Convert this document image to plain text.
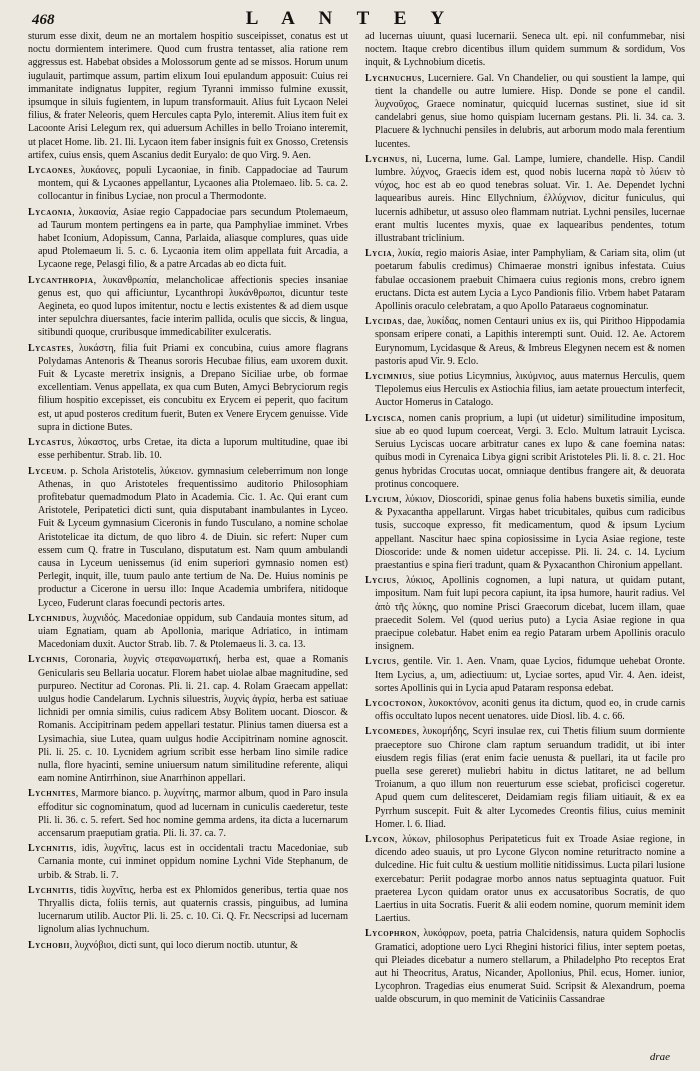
468	L A N T E Y

sturum esse dixit, deum ne an mortalem hospitio susceipisset, conatus est ut noctu dormientem interimere. Quod cum frustra tentasset, alia ratione rem aggressus est. Habebat obsides a Molossorum gente ad se missos. Horum unum iugulauit, partimque assum, partim elixum Ioui epulandum apposuit: Cuius rei immanitate indignatus Iuppiter, regium Tyranni immisso fulmine exussit, ipsumque in siluis fugientem, in lupum transformauit. Alius fuit Lycaon Nelei filius, & frater Neleoris, quem Hercules capta Pylo, interemit. Alius item fuit ex Lacoonte Arisi Lelegum rex, qui aduersum Achilles in bello Troiano interemit, ut placet Home. lib. 21. Ili. Lycaon item faber insignis fuit ex Gnosso, Cretensis artifex, cuius ensis, quem Ascanius dedit Euryalo: de quo Virg. 9. Aen.

Lycaones, λυκάονες, populi Lycaoniae, in finib. Cappadociae ad Taurum montem, qui & Lycaones appellantur, Lycaones alia Ptolemaeo. lib. 5. ca. 2. collocantur in finibus Lyciae, non procul a Thermodonte.

Lycaonia, λυκαονία, Asiae regio Cappadociae pars secundum Ptolemaeum, ad Taurum montem pertingens ea in parte, qua Pamphyliae imminet. Vrbes habet Iconium, Adopissum, Canna, Parlaida, aliasque complures, quas uide apud Ptolemaeum li. 5. c. 6. Lycaonia item olim appellata fuit Arcadia, a Lycaone rege, Pelasgi filio, & a patre Arcadas ab eo dicta fuit.

Lycanthropia, λυκανθρωπία, melancholicae affectionis species insaniae genus est, quo qui afficiuntur, Lycanthropi λυκάνθρωποι, dicuntur teste Aegineta, eo quod lupos imitentur, noctu e lectis existentes & ad diem usque inter sepulchra diuersantes, facie interim pallida, oculis que siccis, & lingua, sitibundi quoque, cruribusque immedicabiliter exulceratis.

Lycastes, λυκάστη, filia fuit Priami ex concubina, cuius amore flagrans Polydamas Antenoris & Theanus sororis Hecubae filius, eam uxorem duxit. Fuit & Lycaste meretrix insignis, a Drepano Siciliae urbe, ob formae excellentiam. Venus appellata, ex qua cum Buten, Amyci Bebryciorum regis filium hospitio excepisset, eis concubitu ex Erycem ei peperit, quo facitum est, ut apud posteros creditum fuerit, Buten ex Venere Erycem genuisse. Vide supra in dictione Butes.

Lycastus, λύκαστος, urbs Cretae, ita dicta a luporum multitudine, quae ibi esse perhibentur. Strab. lib. 10.

Lyceum. p. Schola Aristotelis, λύκειον. gymnasium celeberrimum non longe Athenas, in quo Aristoteles frequentissimo auditorio Philosophiam profitebatur quemadmodum Plato in Academia. Cic. 1. Ac. Qui erant cum Aristotele, Peripatetici dicti sunt, quia disputabant inambulantes in Lyceo. Fuit & Lyceum gymnasium Ciceronis in fundo Tusculano, a nomine scholae Aristotelicae ita dictum, de quo libro 4. de Diuin. sic refert: Nuper cum essem cum Q. fratre in Tusculano, disputatum est. Nam quum ambulandi causa in Lyceum uenissemus (id enim superiori gymnasio nomen est) Perlegit, inquit, ille, tuum paulo ante tertium de Na. De. Huius nominis pe productur a Cicerone in uersu illo: Inque Academia umbrifera, nitidoque Lyceo, Fuderunt claras foecundi pectoris artes.

Lychnidus, λυχνιδός. Macedoniae oppidum, sub Candauia montes situm, ad uiam Egnatiam, quam ab Apollonia, marique Adriatico, in intimam Macedoniam duxit. Auctor Strab. lib. 7. & Ptolemaeus li. 3. ca. 13.

Lychnis, Coronaria, λυχνὶς στεφανωματική, herba est, quae a Romanis Genicularis seu Bellaria uocatur. Florem habet uiolae albae magnitudine, sed purpureo. Nectitur ad Coronas. Pli. li. 21. cap. 4. Rolam Graecam appellat: uulgus hodie Candelarum. Lychnis siluestris, λυχνὶς ἀγρία, herba est satiuae lichnidi per omnia similis, cuius radicem Absy Bolitem uocant. Dioscor. & Romanis. Accipitrinam pedem appellari testatur. Plinius tamen diuersa est a Lysimachia, siue Lutea, quam uulgus hodie Accipitrinam nomine agnoscit. Pli. li. 25. c. 10. Lycnidem agrium scribit esse herbam lino simile radice nulla, flore hyacinti, semine uniuersum natum similitudine referente, aliqui eam nomine Antirrhinon, siue Anarrhinon appellari.

Lychnites, Marmore bianco. p. λυχνίτης, marmor album, quod in Paro insula effoditur sic cognominatum, quod ad lucernam in cuniculis caederetur, teste Pli. li. 36. c. 5. refert. Sed hoc nomine gemma ardens, ita dicta a lucernarum accensarum praeputiam gratia. Pli. li. 37. ca. 7.

Lychnitis, idis, λυχνῖτις, lacus est in occidentali tractu Macedoniae, sub Carnania monte, cui inminet oppidum nomine Lychni Vide Stephanum, de urbib. & Strab. li. 7.

Lychnitis, tidis λυχνῖτις, herba est ex Phlomidos generibus, tertia quae nos Thryallis dicta, foliis ternis, aut quaternis crassis, pinguibus, ad lumina lucernarum utilib. Auctor Pli. li. 25. c. 10. Ci. Q. Fr. Necscripsi ad lucernam lignolum alias lychnuchum.

Lychobii, λυχνόβιοι, dicti sunt, qui loco dierum noctib. utuntur, &

ad lucernas uiuunt, quasi lucernarii. Seneca ult. epi. nil confummebar, nisi noctem. Itaque crebro dicentibus illum quidem summum & sordidum, Vos inquit, & Lychnobium dicetis.

Lychnuchus, Lucerniere. Gal. Vn Chandelier, ou qui soustient la lampe, qui tient la chandelle ou autre lumiere. Hisp. Donde se pone el candil. λυχνοῦχος, Graece nominatur, quicquid lucernas sustinet, siue id sit candelabri genus, siue homo quispiam lucernam gestans. Pli. li. 34. ca. 3. Placuere & lychnuchi pensiles in delubris, aut arborum modo mala ferentium lucentes.

Lychnus, ni, Lucerna, lume. Gal. Lampe, lumiere, chandelle. Hisp. Candil lumbre. λύχνος, Graecis idem est, quod nobis lucerna παρὰ τὸ λύειν τὸ νύχος, hoc est ab eo quod tenebras soluat. Vir. 1. Ae. Dependet lychni laquearibus aureis. Hinc Ellychnium, ἐλλύχνιον, dicitur funiculus, qui lucernis adhibetur, ut assuso oleo flammam nutriat. Lychni pensiles, lucernae erant multis lucentes myxis, quae ex laquearibus pendentes, totum illustrabant triclinium.

Lycia, λυκία, regio maioris Asiae, inter Pamphyliam, & Cariam sita, olim (ut poetarum fabulis credimus) Chimaerae monstri ignibus infestata. Cuius fabulae occasionem praebuit Chimaera cuius regionis mons, crebro ignem eructans. Dicta est autem Lycia a Lyco Pandionis filio. Vrbem habet Pataram Apollinis oraculo celebratam, a quo Apollo Pataraeus cognominatur.

Lycidas, dae, λυκίδας, nomen Centauri unius ex iis, qui Pirithoo Hippodamia sponsam eripere conati, a Lapithis interempti sunt. Ouid. 12. Ae. Actorem Eurynomum, Lycidasque & Areus, & Imbreus Elegynen necem est & nomen pastoris apud Vir. 9. Eclo.

Lycimnius, siue potius Licymnius, λικύμνιος, auus maternus Herculis, quem Tlepolemus eius Herculis ex Astiochia filius, iam aetate prouectum interfecit, Auctor Homerus in Catalogo.

Lycisca, nomen canis proprium, a lupi (ut uidetur) similitudine impositum, siue ab eo quod lupum coerceat, Vergi. 3. Eclo. Multum latrauit Lycisca. Seruius Lyciscas uocare arbitratur canes ex lupo & cane foemina natas: quibus modi in Cyrenaica Libya gigni scribit Aristoteles Pli. li. 8. c. 21. Hoc genus hybridas Crocutas uocat, omniaque dentibus frangere ait, & deuorata protinus concoquere.

Lycium, λύκιον, Dioscoridi, spinae genus folia habens buxetis similia, eunde & Pyxacantha appellarunt. Virgas habet tricubitales, quibus cum radicibus tusis, succoque expresso, fit medicamentum, quod & ipsum Lycium appellant. Nascitur haec spina copiosissime in Lycia Asiae regione, teste Dioscoride: unde & nomen uidetur accepisse. Pli. li. 24. c. 14. Lycium praestantius e spina fieri tradunt, quam & Pyxacanthon Chironium appellant.

Lycius, λύκιος, Apollinis cognomen, a lupi natura, ut quidam putant, impositum. Nam fuit lupi pecora capiunt, ita ipsa humore, haurit radius. Vel ἀπὸ τῆς λύκης, quo nomine Prisci Graecorum dicebat, lucem illam, quae praecedit Solem. Vel (quod uerius puto) a Lycia Asiae regione in qua praecipue colebatur. Habet enim ea regio Pataram urbem Apollinis oraculo insignem.

Lycius, gentile. Vir. 1. Aen. Vnam, quae Lycios, fidumque uehebat Oronte. Item Lycius, a, um, adiectiuum: ut, Lyciae sortes, apud Vir. 4. Aen. ideist, sortes Apollinis qui in Lycia apud Pataram responsa edebat.

Lycoctonon, λυκοκτόνον, aconiti genus ita dictum, quod eo, in crude carnis offis occultato lupos necent uenatores. uide Diosl. lib. 4. c. 66.

Lycomedes, λυκομήδης, Scyri insulae rex, cui Thetis filium suum dormiente praeceptore suo Chirone clam raptum seruandum tradidit, ut ibi inter eiusdem regis filias (erat enim facie uenusta & puellari, ita ut facile pro puella sese gereret) muliebri habitu in dictus latitaret, ne ad bellum Troianum, a quo illum non reuerturum esse sciebat, proficisci cogeretur. Apud quem cum delitesceret, Deidamiam regis filiam uitiauit, & ex ea Pyrrhum suscepit. Fuit & alter Lycomedes Creontis filius, cuius meminit Homer. l. 6. Iliad.

Lycon, λύκων, philosophus Peripateticus fuit ex Troade Asiae regione, in dicendo adeo suauis, ut pro Lycone Glycon nomine returitracto nomine a dulcedine. Hic fuit cultu & uestium mollitie nitidissimus. Lucta pilari lusione exercebatur: Periit podagrae morbo annos natus septuaginta quatuor. Fuit praeterea Lycon quidam orator unus ex accusatoribus Socratis, de quo Laertius in uita Socratis. Fuerit & alii eodem nomine, quorum meminit idem Laertius.

Lycophron, λυκόφρων, poeta, patria Chalcidensis, natura quidem Sophoclis Gramatici, adoptione uero Lyci Rhegini historici filius, inter septem poetas, qui Pleiades dicebatur a numero stellarum, a Philadelpho Pto receptos Erat aut hi Theocritus, Aratus, Nicander, Apollonius, Phil. ecus, Homer. iunior, Lycophron. Tragedias eius enumerat Suid. Scripsit & Alexandrum, poema ualde obscurum, in quo meminit de Vaticiniis Cassandrae

drae
